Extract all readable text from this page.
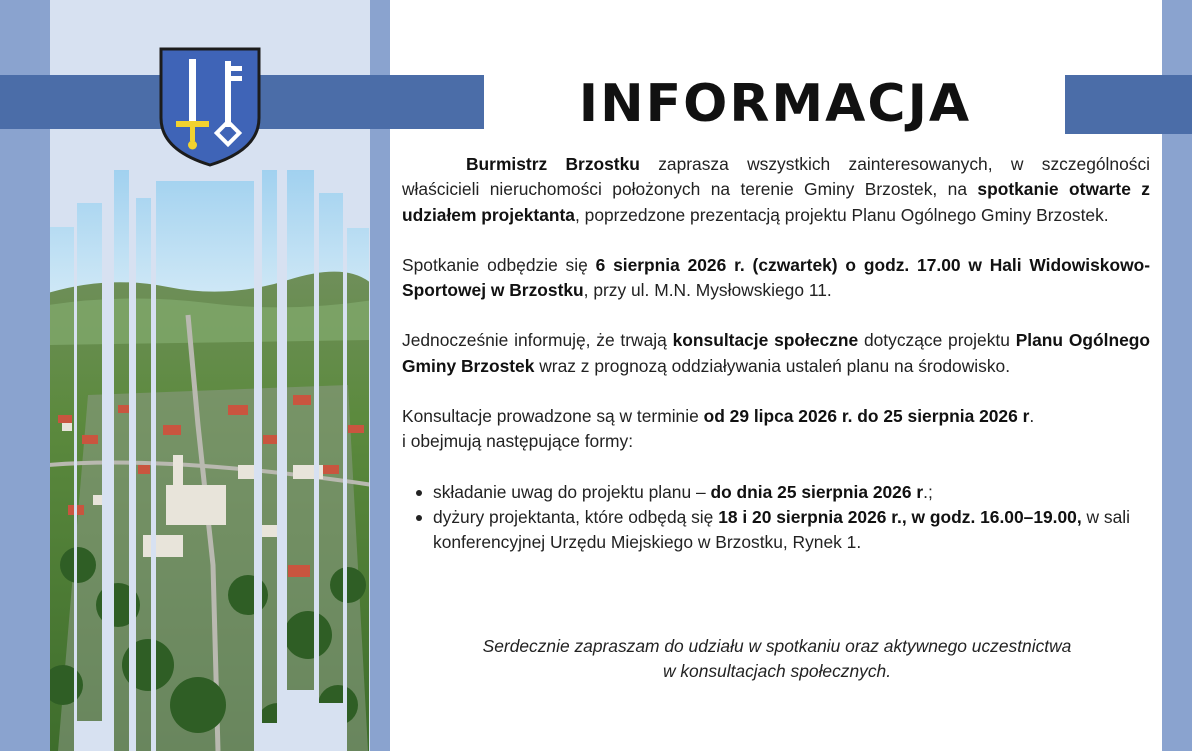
INFORMACJA

Burmistrz Brzostku zaprasza wszystkich zainteresowanych, w szczególności właścicieli nieruchomości położonych na terenie Gminy Brzostek, na spotkanie otwarte z udziałem projektanta, poprzedzone prezentacją projektu Planu Ogólnego Gminy Brzostek.

Spotkanie odbędzie się 6 sierpnia 2026 r. (czwartek) o godz. 17.00 w Hali Widowiskowo-Sportowej w Brzostku, przy ul. M.N. Mysłowskiego 11.

Jednocześnie informuję, że trwają konsultacje społeczne dotyczące projektu Planu Ogólnego Gminy Brzostek wraz z prognozą oddziaływania ustaleń planu na środowisko.

Konsultacje prowadzone są w terminie od 29 lipca 2026 r. do 25 sierpnia 2026 r.
i obejmują następujące formy:

składanie uwag do projektu planu – do dnia 25 sierpnia 2026 r.;
dyżury projektanta, które odbędą się 18 i 20 sierpnia 2026 r., w godz. 16.00–19.00, w sali konferencyjnej Urzędu Miejskiego w Brzostku, Rynek 1.
Serdecznie zapraszam do udziału w spotkaniu oraz aktywnego uczestnictwa
w konsultacjach społecznych.
